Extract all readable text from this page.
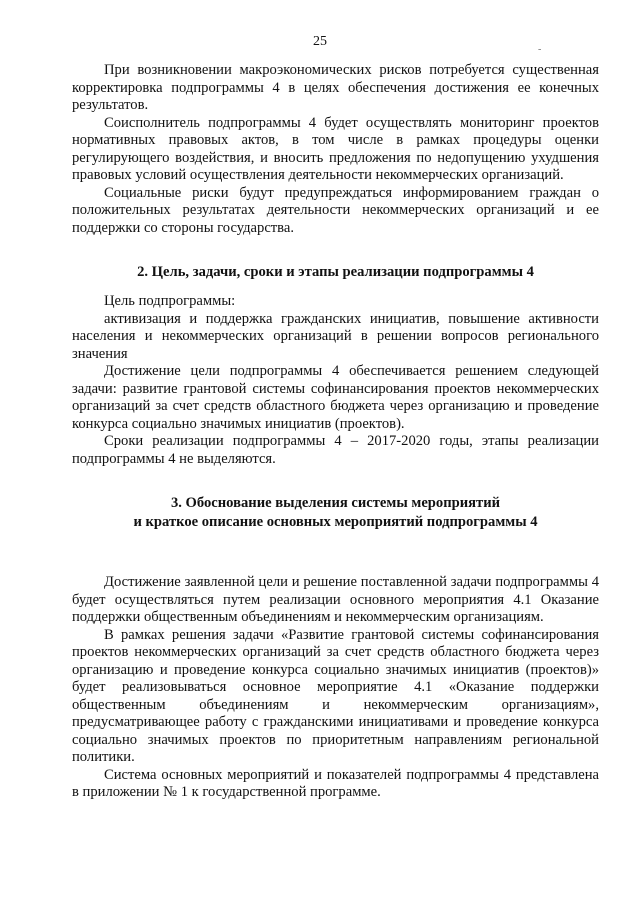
25

При возникновении макроэкономических рисков потребуется существенная корректировка подпрограммы 4 в целях обеспечения достижения ее конечных результатов.

Соисполнитель подпрограммы 4 будет осуществлять мониторинг проектов нормативных правовых актов, в том числе в рамках процедуры оценки регулирующего воздействия, и вносить предложения по недопущению ухудшения правовых условий осуществления деятельности некоммерческих организаций.

Социальные риски будут предупреждаться информированием граждан о положительных результатах деятельности некоммерческих организаций и ее поддержки со стороны государства.

2. Цель, задачи, сроки и этапы реализации подпрограммы 4

Цель подпрограммы:

активизация и поддержка гражданских инициатив, повышение активности населения и некоммерческих организаций в решении вопросов регионального значения

Достижение цели подпрограммы 4 обеспечивается решением следующей задачи: развитие грантовой системы софинансирования проектов некоммерческих организаций за счет средств областного бюджета через организацию и проведение конкурса социально значимых инициатив (проектов).

Сроки реализации подпрограммы 4 – 2017-2020 годы, этапы реализации подпрограммы 4 не выделяются.

3. Обоснование выделения системы мероприятий
и краткое описание основных мероприятий подпрограммы 4

Достижение заявленной цели и решение поставленной задачи подпрограммы 4 будет осуществляться путем реализации основного мероприятия 4.1 Оказание поддержки общественным объединениям и некоммерческим организациям.

В рамках решения задачи «Развитие грантовой системы софинансирования проектов некоммерческих организаций за счет средств областного бюджета через организацию и проведение конкурса социально значимых инициатив (проектов)» будет реализовываться основное мероприятие 4.1 «Оказание поддержки общественным объединениям и некоммерческим организациям», предусматривающее работу с гражданскими инициативами и проведение конкурса социально значимых проектов по приоритетным направлениям региональной политики.

Система основных мероприятий и показателей подпрограммы 4 представлена в приложении № 1 к государственной программе.

-
